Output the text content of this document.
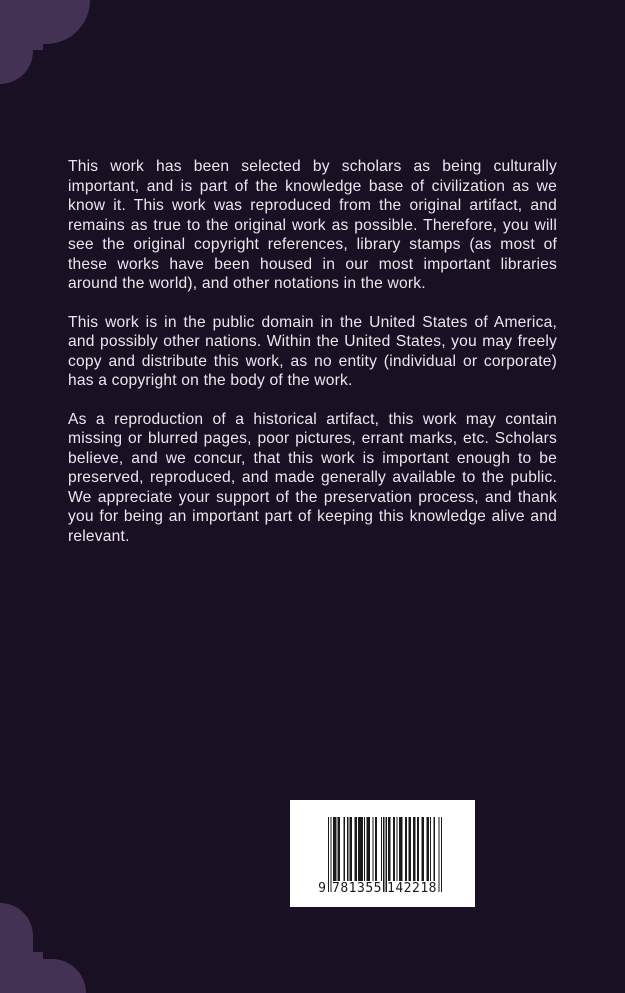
This work has been selected by scholars as being culturally important, and is part of the knowledge base of civilization as we know it. This work was reproduced from the original artifact, and remains as true to the original work as possible. Therefore, you will see the original copyright references, library stamps (as most of these works have been housed in our most important libraries around the world), and other notations in the work.

This work is in the public domain in the United States of America, and possibly other nations. Within the United States, you may freely copy and distribute this work, as no entity (individual or corporate) has a copyright on the body of the work.

As a reproduction of a historical artifact, this work may contain missing or blurred pages, poor pictures, errant marks, etc. Scholars believe, and we concur, that this work is important enough to be preserved, reproduced, and made generally available to the public. We appreciate your support of the preservation process, and thank you for being an important part of keeping this knowledge alive and relevant.

9 781355 142218
